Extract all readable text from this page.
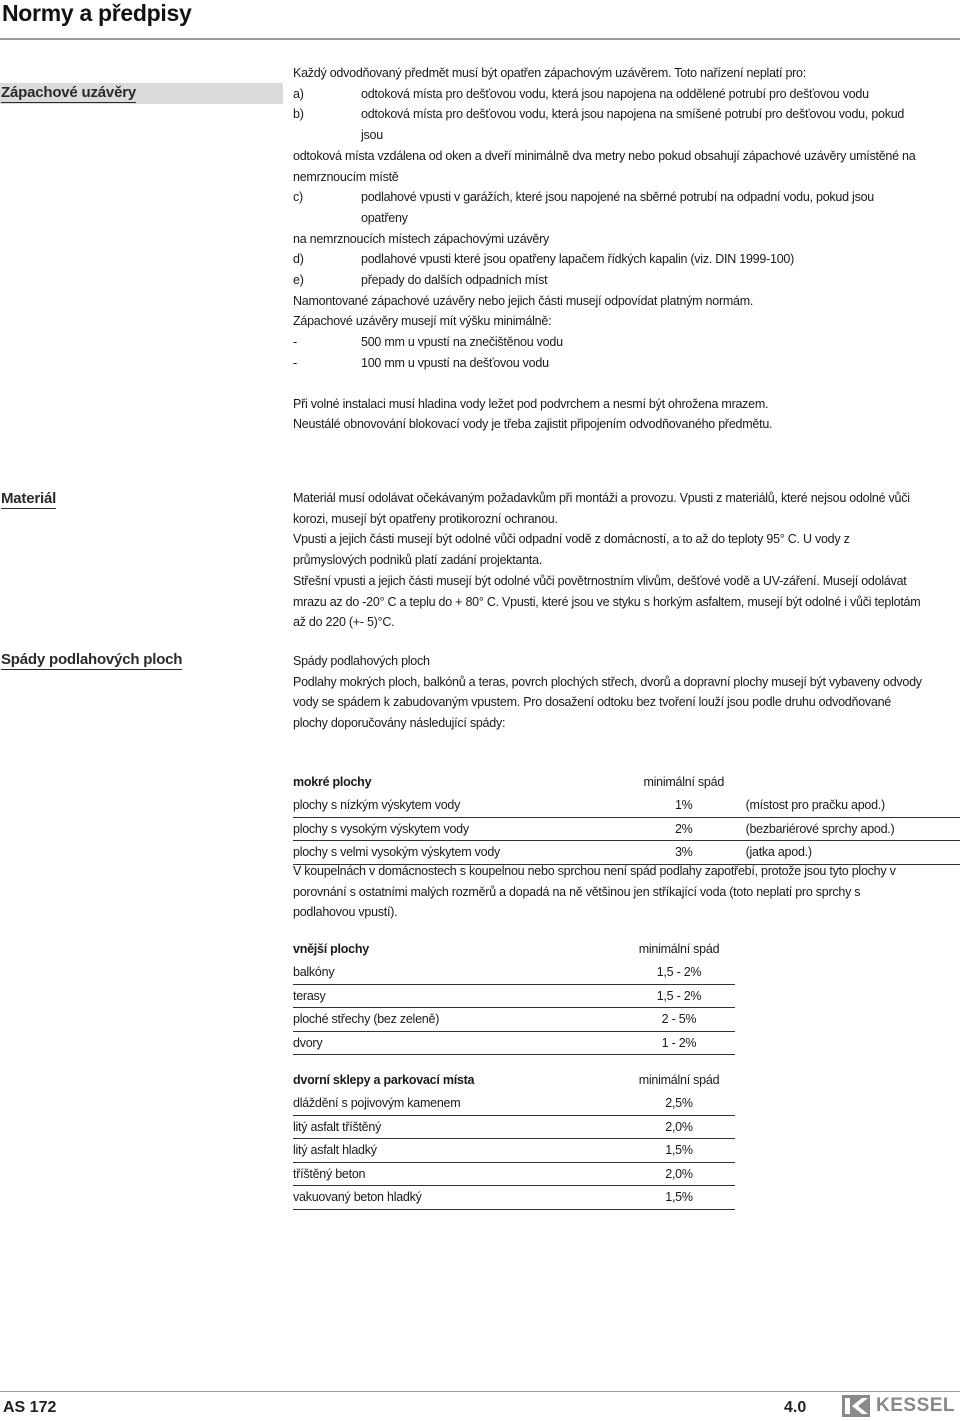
Normy a předpisy
Zápachové uzávěry

Každý odvodňovaný předmět musí být opatřen zápachovým uzávěrem. Toto nařízení neplatí pro:

a)	odtoková místa pro dešťovou vodu, která jsou napojena na oddělené potrubí pro dešťovou vodu
b)	odtoková místa pro dešťovou vodu, která jsou napojena na smíšené potrubí pro dešťovou vodu, pokud jsou

odtoková místa vzdálena od oken a dveří minimálně dva metry nebo pokud obsahují zápachové uzávěry umístěné na nemrznoucím místě

c)	podlahové vpusti v garážích, které jsou napojené na sběrné potrubí na odpadní vodu, pokud jsou opatřeny

na nemrznoucích místech zápachovými uzávěry

d)	podlahové vpusti které jsou opatřeny lapačem řídkých kapalin (viz. DIN 1999-100)
e)	přepady do dalších odpadních míst

Namontované zápachové uzávěry nebo jejich části musejí odpovídat platným normám.

Zápachové uzávěry musejí mít výšku minimálně:

-	500 mm u vpustí na znečištěnou vodu
-	100 mm u vpustí na dešťovou vodu

Při volné instalaci musí hladina vody ležet pod podvrchem a nesmí být ohrožena mrazem.

Neustálé obnovování blokovací vody je třeba zajistit připojením odvodňovaného předmětu.

Materiál	Materiál musí odolávat očekávaným požadavkům při montáži a provozu. Vpusti z materiálů, které nejsou odolné vůči korozi, musejí být opatřeny protikorozní ochranou.

Vpusti a jejich části musejí být odolné vůči odpadní vodě z domácností, a to až do teploty 95° C. U vody z průmyslových podniků platí zadání projektanta.

Střešní vpusti a jejich části musejí být odolné vůči povětrnostním vlivům, dešťové vodě a UV-záření. Musejí odolávat mrazu az do -20° C a teplu do + 80° C. Vpusti, které jsou ve styku s horkým asfaltem, musejí být odolné i vůči teplotám až do 220 (+- 5)°C.

Spády podlahových ploch	Spády podlahových ploch

Podlahy mokrých ploch, balkónů a teras, povrch plochých střech, dvorů a dopravní plochy musejí být vybaveny odvody vody se spádem k zabudovaným vpustem. Pro dosažení odtoku bez tvoření louží jsou podle druhu odvodňované plochy doporučovány následující spády:

mokré plochy	minimální spád	
plochy s nízkým výskytem vody	1%	(místost pro pračku apod.)
plochy s vysokým výskytem vody	2%	(bezbariérové sprchy apod.)
plochy s velmi vysokým výskytem vody	3%	(jatka apod.)
V koupelnách v domácnostech s koupelnou nebo sprchou není spád podlahy zapotřebí, protože jsou tyto plochy v porovnání s ostatními malých rozměrů a dopadá na ně většinou jen stříkající voda (toto neplatí pro sprchy s podlahovou vpustí).
vnější plochy	minimální spád
balkóny	1,5 - 2%
terasy	1,5 - 2%
ploché střechy (bez zeleně)	2 - 5%
dvory	1 - 2%
dvorní sklepy a parkovací místa	minimální spád
dláždění s pojivovým kamenem	2,5%
litý asfalt tříštěný	2,0%
litý asfalt hladký	1,5%
tříštěný beton	2,0%
vakuovaný beton hladký	1,5%
AS 172	4.0	KESSEL
